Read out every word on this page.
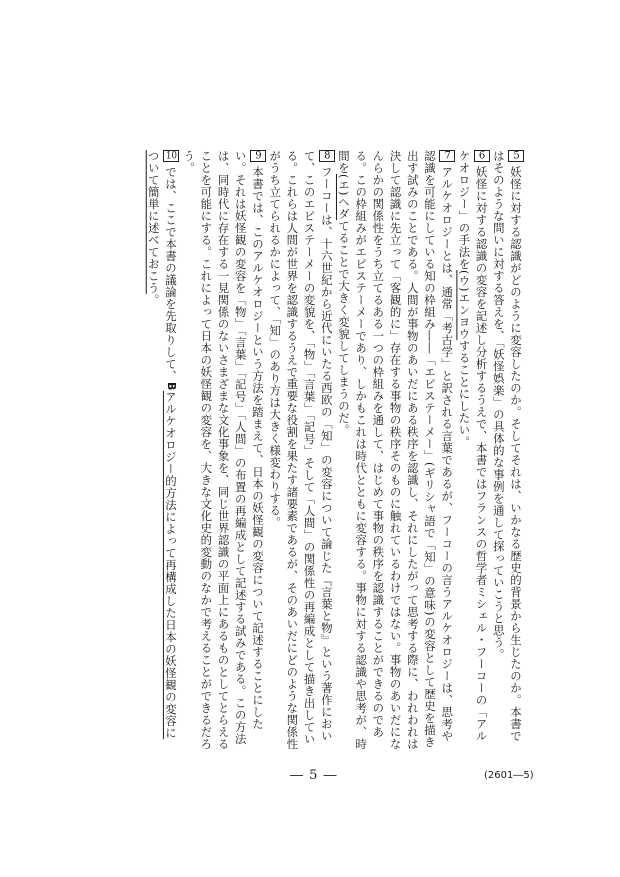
5妖怪に対する認識がどのように変容したのか。そしてそれは、いかなる歴史的背景から生じたのか。本書ではそのような問いに対する答えを、「妖怪娯楽」の具体的な事例を通して探っていこうと思う。

6妖怪に対する認識の変容を記述し分析するうえで、本書ではフランスの哲学者ミシェル・フーコーの「アルケオロジー」の手法を(ウ)エンヨウすることにしたい。

7アルケオロジーとは、通常「考古学」と訳される言葉であるが、フーコーの言うアルケオロジーは、思考や認識を可能にしている知の枠組み――「エピステーメー」(ギリシャ語で「知」の意味)の変容として歴史を描き出す試みのことである。人間が事物のあいだにある秩序を認識し、それにしたがって思考する際に、われわれは決して認識に先立って「客観的に」存在する事物の秩序そのものに触れているわけではない。事物のあいだになんらかの関係性をうち立てるある一つの枠組みを通して、はじめて事物の秩序を認識することができるのである。この枠組みがエピステーメーであり、しかもこれは時代とともに変容する。事物に対する認識や思考が、時間を(エ)ヘダてることで大きく変貌してしまうのだ。

8フーコーは、十六世紀から近代にいたる西欧の「知」の変容について論じた『言葉と物』という著作において、このエピステーメーの変貌を、「物」「言葉」「記号」そして「人間」の関係性の再編成として描き出している。これらは人間が世界を認識するうえで重要な役割を果たす諸要素であるが、そのあいだにどのような関係性がうち立てられるかによって、「知」のあり方は大きく様変わりする。

9本書では、このアルケオロジーという方法を踏まえて、日本の妖怪観の変容について記述することにしたい。それは妖怪観の変容を「物」「言葉」「記号」「人間」の布置の再編成として記述する試みである。この方法は、同時代に存在する一見関係のないさまざまな文化事象を、同じ世界認識の平面上にあるものとしてとらえることを可能にする。これによって日本の妖怪観の変容を、大きな文化史的変動のなかで考えることができるだろう。

10では、ここで本書の議論を先取りして、Bアルケオロジー的方法によって再構成した日本の妖怪観の変容について簡単に述べておこう。

― 5 ―	(2601―5)
